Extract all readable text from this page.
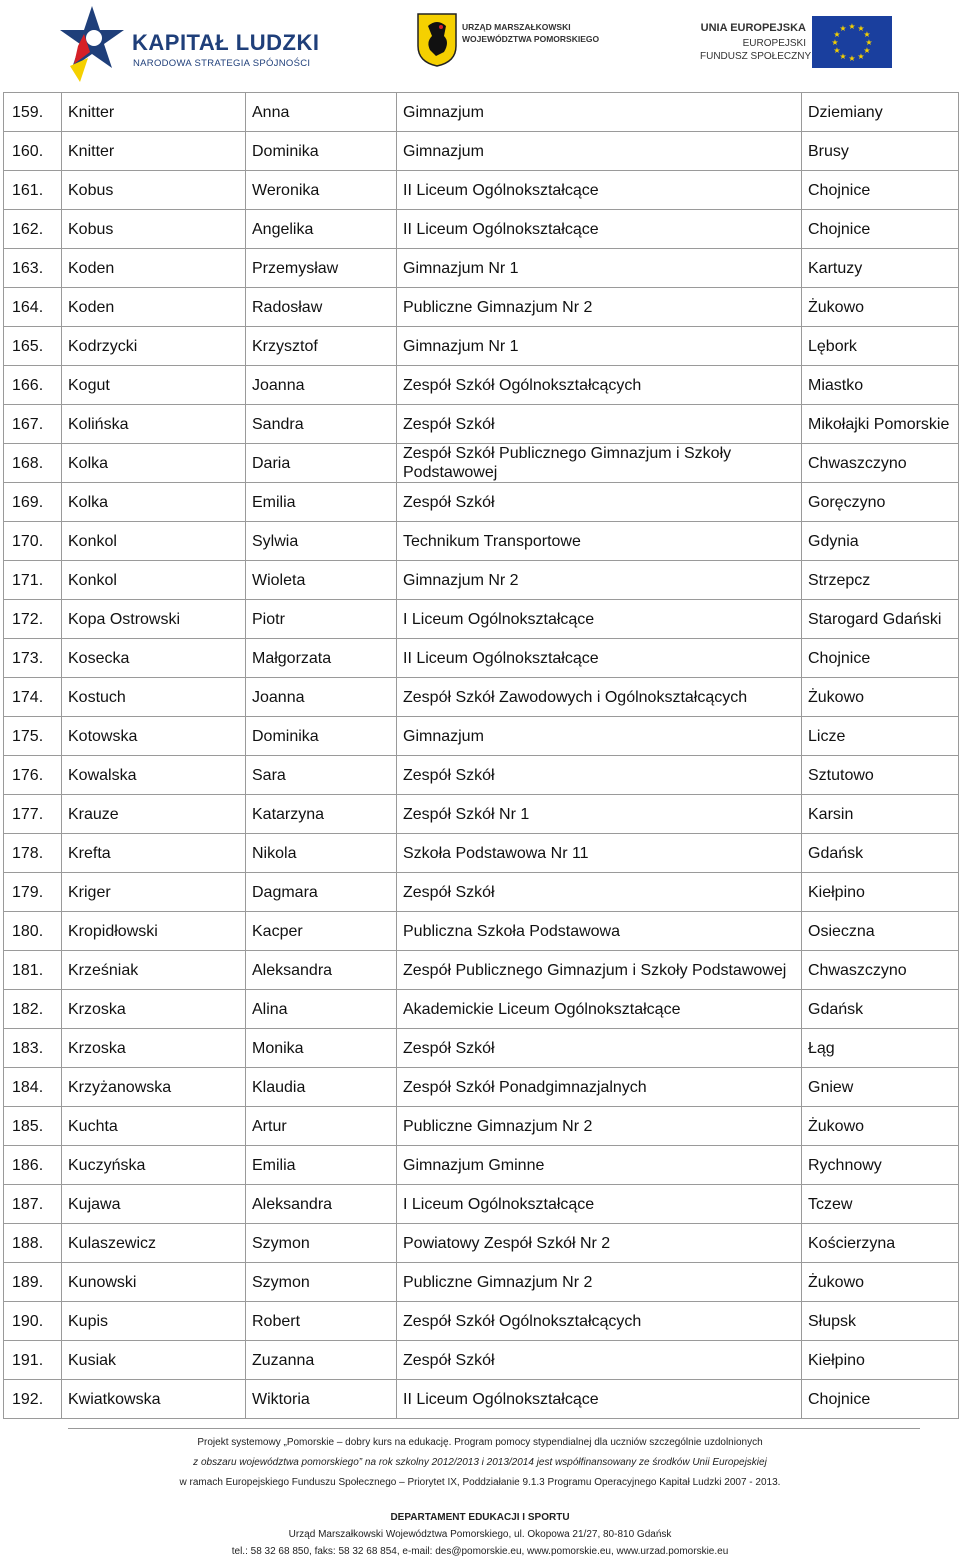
KAPITAŁ LUDZKI
NARODOWA STRATEGIA SPÓJNOŚCI
URZĄD MARSZAŁKOWSKI
WOJEWÓDZTWA POMORSKIEGO
UNIA EUROPEJSKA
EUROPEJSKI
FUNDUSZ SPOŁECZNY
★ ★
★
★
★
★
★
★
★
★
★
★
159.	Knitter	Anna	Gimnazjum	Dziemiany
160.	Knitter	Dominika	Gimnazjum	Brusy
161.	Kobus	Weronika	II Liceum Ogólnokształcące	Chojnice
162.	Kobus	Angelika	II Liceum Ogólnokształcące	Chojnice
163.	Koden	Przemysław	Gimnazjum Nr 1	Kartuzy
164.	Koden	Radosław	Publiczne Gimnazjum Nr 2	Żukowo
165.	Kodrzycki	Krzysztof	Gimnazjum Nr 1	Lębork
166.	Kogut	Joanna	Zespół Szkół Ogólnokształcących	Miastko
167.	Kolińska	Sandra	Zespół Szkół	Mikołajki Pomorskie
168.	Kolka	Daria	Zespół Szkół Publicznego Gimnazjum i Szkoły Podstawowej	Chwaszczyno
169.	Kolka	Emilia	Zespół Szkół	Goręczyno
170.	Konkol	Sylwia	Technikum Transportowe	Gdynia
171.	Konkol	Wioleta	Gimnazjum Nr 2	Strzepcz
172.	Kopa Ostrowski	Piotr	I Liceum Ogólnokształcące	Starogard Gdański
173.	Kosecka	Małgorzata	II Liceum Ogólnokształcące	Chojnice
174.	Kostuch	Joanna	Zespół Szkół Zawodowych i Ogólnokształcących	Żukowo
175.	Kotowska	Dominika	Gimnazjum	Licze
176.	Kowalska	Sara	Zespół Szkół	Sztutowo
177.	Krauze	Katarzyna	Zespół Szkół Nr 1	Karsin
178.	Krefta	Nikola	Szkoła Podstawowa Nr 11	Gdańsk
179.	Kriger	Dagmara	Zespół Szkół	Kiełpino
180.	Kropidłowski	Kacper	Publiczna Szkoła Podstawowa	Osieczna
181.	Krześniak	Aleksandra	Zespół Publicznego Gimnazjum i Szkoły Podstawowej	Chwaszczyno
182.	Krzoska	Alina	Akademickie Liceum Ogólnokształcące	Gdańsk
183.	Krzoska	Monika	Zespół Szkół	Łąg
184.	Krzyżanowska	Klaudia	Zespół Szkół Ponadgimnazjalnych	Gniew
185.	Kuchta	Artur	Publiczne Gimnazjum Nr 2	Żukowo
186.	Kuczyńska	Emilia	Gimnazjum Gminne	Rychnowy
187.	Kujawa	Aleksandra	I Liceum Ogólnokształcące	Tczew
188.	Kulaszewicz	Szymon	Powiatowy Zespół Szkół Nr 2	Kościerzyna
189.	Kunowski	Szymon	Publiczne Gimnazjum Nr 2	Żukowo
190.	Kupis	Robert	Zespół Szkół Ogólnokształcących	Słupsk
191.	Kusiak	Zuzanna	Zespół Szkół	Kiełpino
192.	Kwiatkowska	Wiktoria	II Liceum Ogólnokształcące	Chojnice
Projekt systemowy „Pomorskie – dobry kurs na edukację. Program pomocy stypendialnej dla uczniów szczególnie uzdolnionych
z obszaru województwa pomorskiego” na rok szkolny 2012/2013 i 2013/2014 jest współfinansowany ze środków Unii Europejskiej
w ramach Europejskiego Funduszu Społecznego – Priorytet IX, Poddziałanie 9.1.3 Programu Operacyjnego Kapitał Ludzki 2007 - 2013.
DEPARTAMENT EDUKACJI I SPORTU
Urząd Marszałkowski Województwa Pomorskiego, ul. Okopowa 21/27, 80-810 Gdańsk
tel.: 58 32 68 850, faks: 58 32 68 854, e-mail: des@pomorskie.eu, www.pomorskie.eu, www.urzad.pomorskie.eu
